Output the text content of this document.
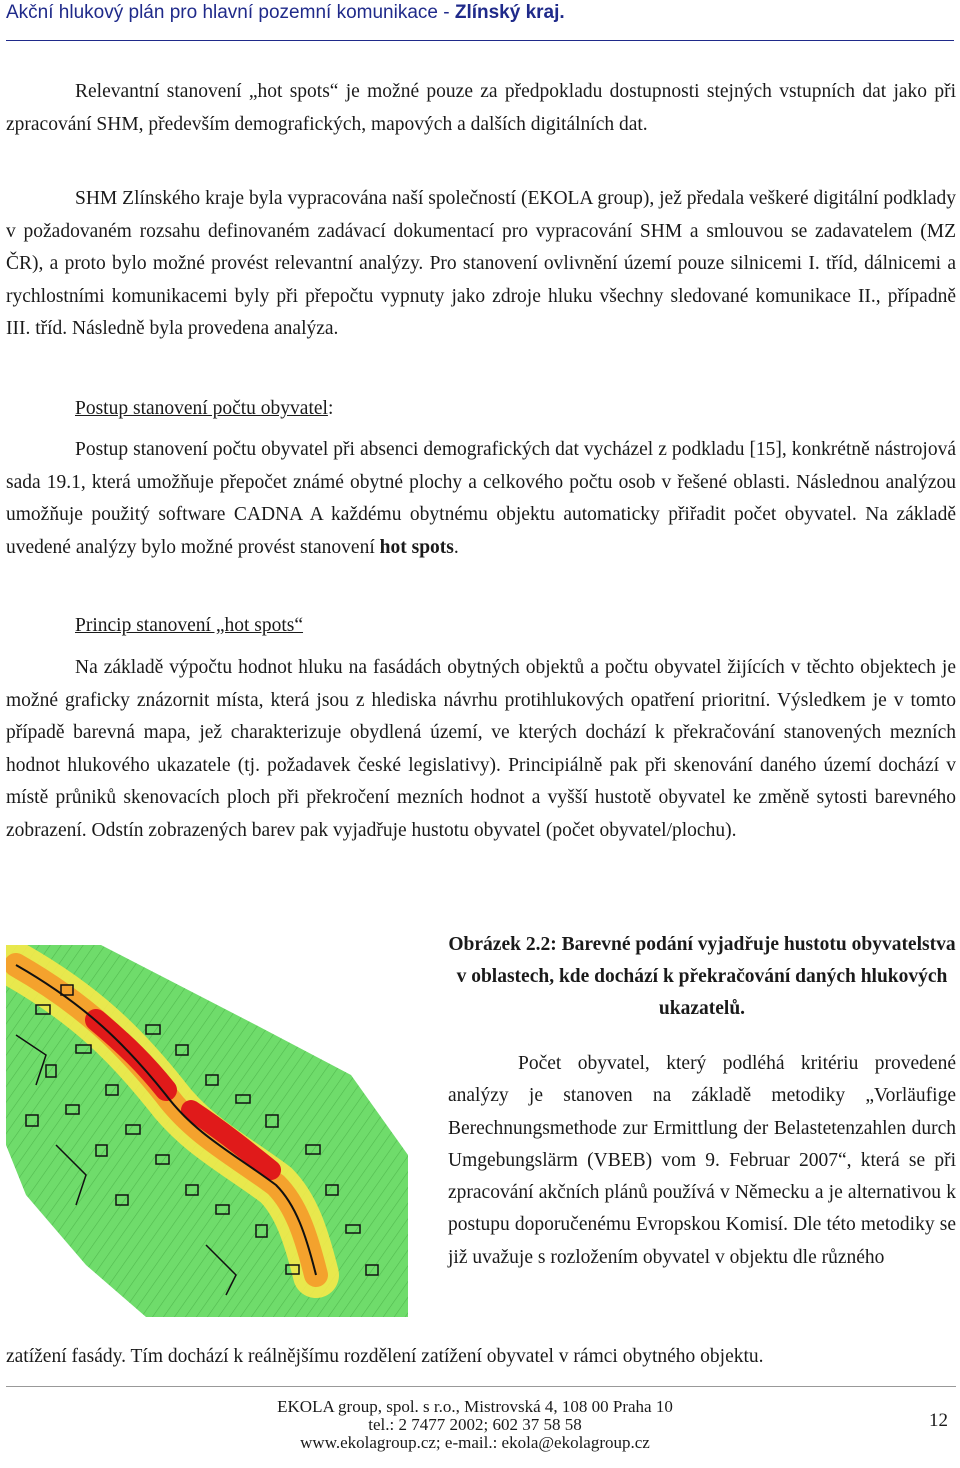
Akční hlukový plán pro hlavní pozemní komunikace - Zlínský kraj.

Relevantní stanovení „hot spots“ je možné pouze za předpokladu dostupnosti stejných vstupních dat jako při zpracování SHM, především demografických, mapových a dalších digitálních dat.

SHM Zlínského kraje byla vypracována naší společností (EKOLA group), jež předala veškeré digitální podklady v požadovaném rozsahu definovaném zadávací dokumentací pro vypracování SHM a smlouvou se zadavatelem (MZ ČR), a proto bylo možné provést relevantní analýzy. Pro stanovení ovlivnění území pouze silnicemi I. tříd, dálnicemi a rychlostními komunikacemi byly při přepočtu vypnuty jako zdroje hluku všechny sledované komunikace II., případně III. tříd. Následně byla provedena analýza.

Postup stanovení počtu obyvatel:

Postup stanovení počtu obyvatel při absenci demografických dat vycházel z podkladu [15], konkrétně nástrojová sada 19.1, která umožňuje přepočet známé obytné plochy a celkového počtu osob v řešené oblasti. Následnou analýzou umožňuje použitý software CADNA A každému obytnému objektu automaticky přiřadit počet obyvatel. Na základě uvedené analýzy bylo možné provést stanovení hot spots.

Princip stanovení „hot spots“

Na základě výpočtu hodnot hluku na fasádách obytných objektů a počtu obyvatel žijících v těchto objektech je možné graficky znázornit místa, která jsou z hlediska návrhu protihlukových opatření prioritní. Výsledkem je v tomto případě barevná mapa, jež charakterizuje obydlená území, ve kterých dochází k překračování stanovených mezních hodnot hlukového ukazatele (tj. požadavek české legislativy). Principiálně pak při skenování daného území dochází v místě průniků skenovacích ploch při překročení mezních hodnot a vyšší hustotě obyvatel ke změně sytosti barevného zobrazení. Odstín zobrazených barev pak vyjadřuje hustotu obyvatel (počet obyvatel/plochu).

Obrázek 2.2: Barevné podání vyjadřuje hustotu obyvatelstva v oblastech, kde dochází k překračování daných hlukových ukazatelů.

Počet obyvatel, který podléhá kritériu provedené analýzy je stanoven na základě metodiky „Vorläufige Berechnungsmethode zur Ermittlung der Belastetenzahlen durch Umgebungslärm (VBEB) vom 9. Februar 2007“, která se při zpracování akčních plánů používá v Německu a je alternativou k postupu doporučenému Evropskou Komisí. Dle této metodiky se již uvažuje s rozložením obyvatel v objektu dle různého

zatížení fasády. Tím dochází k reálnějšímu rozdělení zatížení obyvatel v rámci obytného objektu.

EKOLA group, spol. s r.o., Mistrovská 4, 108 00 Praha 10
tel.: 2 7477 2002; 602 37 58 58
www.ekolagroup.cz; e-mail.: ekola@ekolagroup.cz
12
